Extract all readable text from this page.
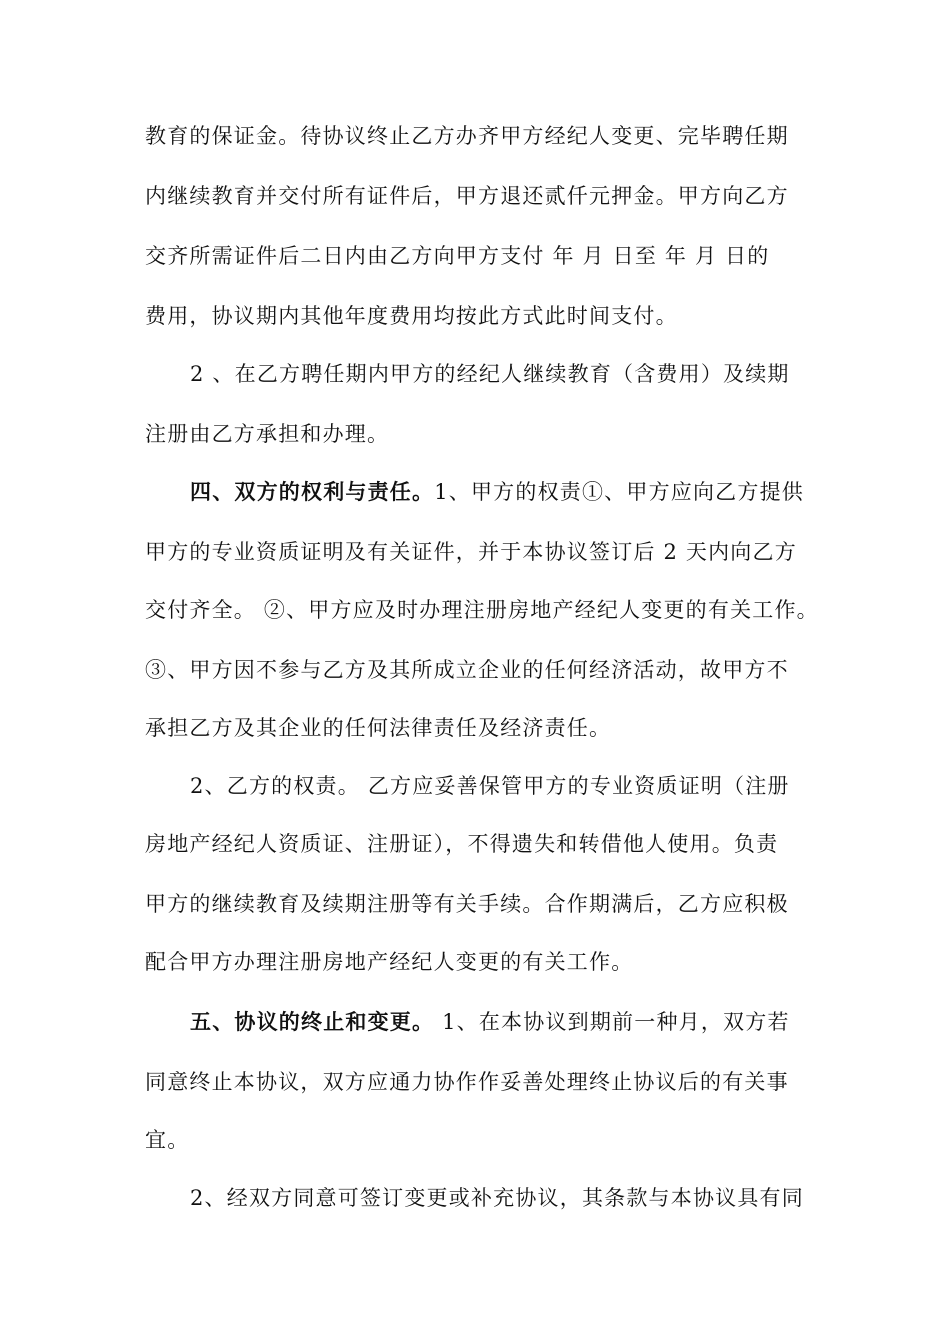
教育的保证金。待协议终止乙方办齐甲方经纪人变更、完毕聘任期
内继续教育并交付所有证件后，甲方退还贰仟元押金。甲方向乙方
交齐所需证件后二日内由乙方向甲方支付 年 月 日至 年 月 日的
费用，协议期内其他年度费用均按此方式此时间支付。
2 、在乙方聘任期内甲方的经纪人继续教育（含费用）及续期
注册由乙方承担和办理。
四、双方的权利与责任。1、甲方的权责①、甲方应向乙方提供
甲方的专业资质证明及有关证件，并于本协议签订后 2 天内向乙方
交付齐全。 ②、甲方应及时办理注册房地产经纪人变更的有关工作。
③、甲方因不参与乙方及其所成立企业的任何经济活动，故甲方不
承担乙方及其企业的任何法律责任及经济责任。
2、乙方的权责。 乙方应妥善保管甲方的专业资质证明（注册
房地产经纪人资质证、注册证），不得遗失和转借他人使用。负责
甲方的继续教育及续期注册等有关手续。合作期满后，乙方应积极
配合甲方办理注册房地产经纪人变更的有关工作。
五、协议的终止和变更。 1、在本协议到期前一种月，双方若
同意终止本协议，双方应通力协作作妥善处理终止协议后的有关事
宜。
2、经双方同意可签订变更或补充协议，其条款与本协议具有同
